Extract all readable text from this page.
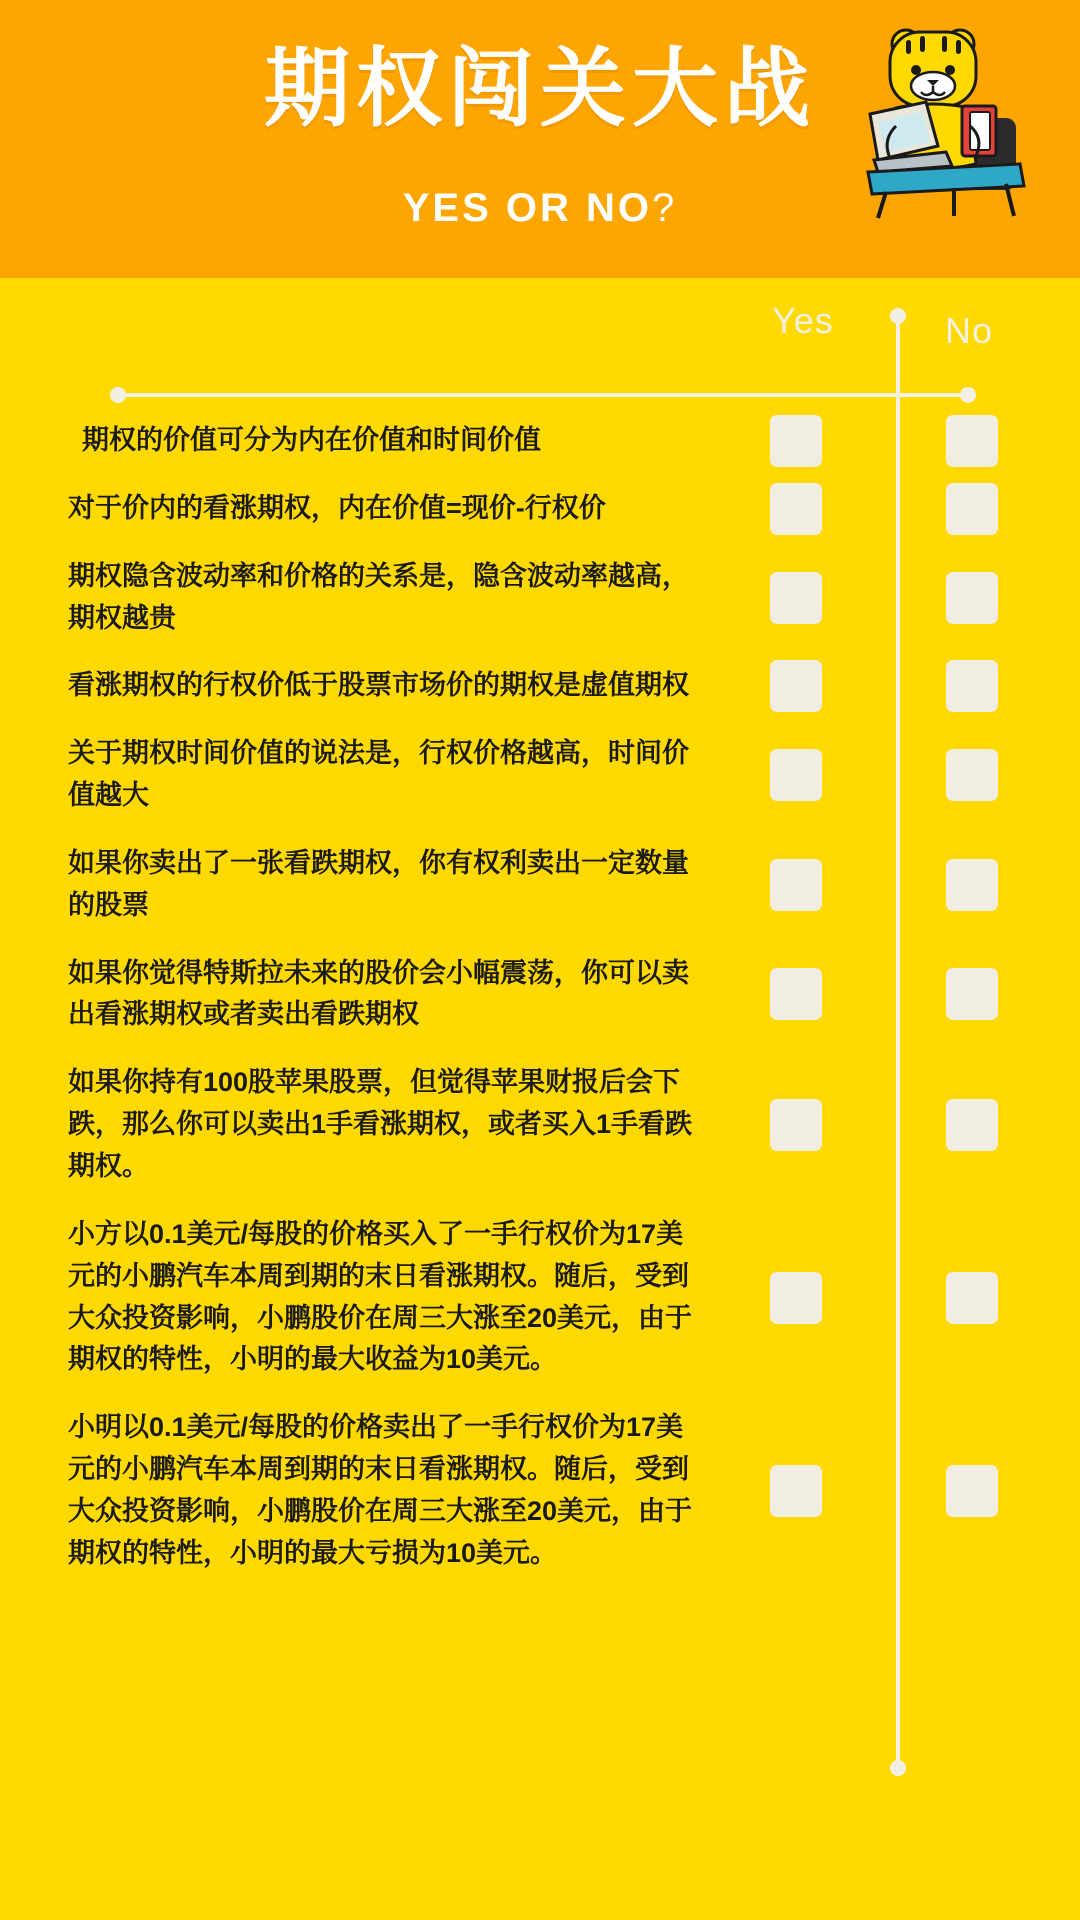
期权闯关大战
YES OR NO?
Yes	No
期权的价值可分为内在价值和时间价值
对于价内的看涨期权，内在价值=现价-行权价
期权隐含波动率和价格的关系是，隐含波动率越高，期权越贵
看涨期权的行权价低于股票市场价的期权是虚值期权
关于期权时间价值的说法是，行权价格越高，时间价值越大
如果你卖出了一张看跌期权，你有权利卖出一定数量的股票
如果你觉得特斯拉未来的股价会小幅震荡，你可以卖出看涨期权或者卖出看跌期权
如果你持有100股苹果股票，但觉得苹果财报后会下跌，那么你可以卖出1手看涨期权，或者买入1手看跌期权。
小方以0.1美元/每股的价格买入了一手行权价为17美元的小鹏汽车本周到期的末日看涨期权。随后，受到大众投资影响，小鹏股价在周三大涨至20美元，由于期权的特性，小明的最大收益为10美元。
小明以0.1美元/每股的价格卖出了一手行权价为17美元的小鹏汽车本周到期的末日看涨期权。随后，受到大众投资影响，小鹏股价在周三大涨至20美元，由于期权的特性，小明的最大亏损为10美元。
